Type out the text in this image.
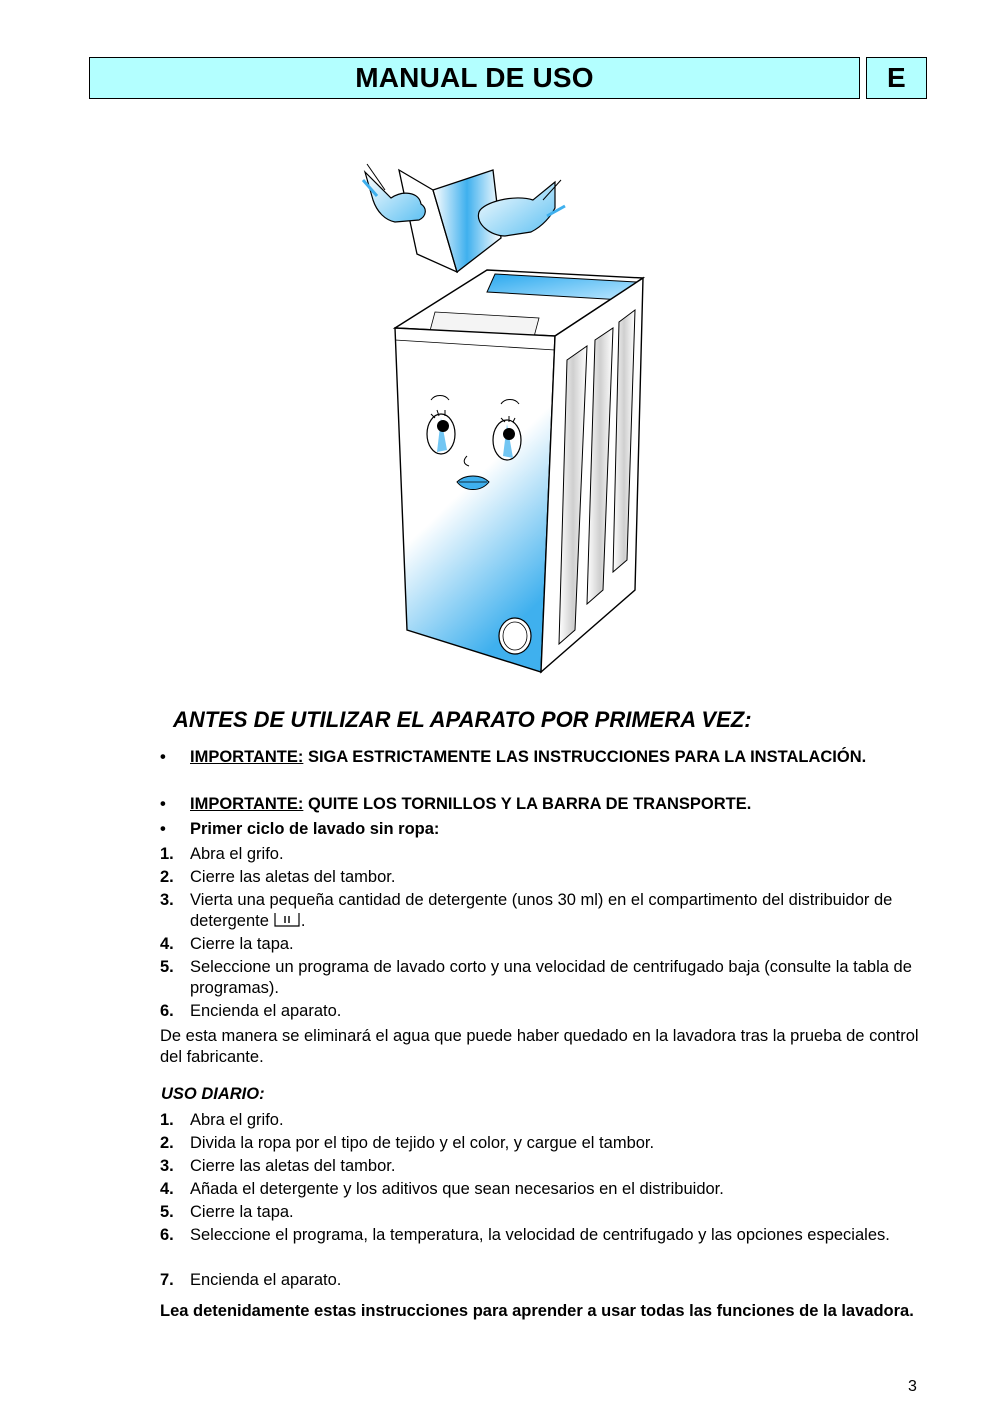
MANUAL DE USO	E
ANTES DE UTILIZAR EL APARATO POR PRIMERA VEZ:
• IMPORTANTE: SIGA ESTRICTAMENTE LAS INSTRUCCIONES PARA LA INSTALACIÓN.
• IMPORTANTE: QUITE LOS TORNILLOS Y LA BARRA DE TRANSPORTE.
• Primer ciclo de lavado sin ropa:
1. Abra el grifo.
2. Cierre las aletas del tambor.
3. Vierta una pequeña cantidad de detergente (unos 30 ml) en el compartimento del distribuidor de detergente .
4. Cierre la tapa.
5. Seleccione un programa de lavado corto y una velocidad de centrifugado baja (consulte la tabla de programas).
6. Encienda el aparato.
De esta manera se eliminará el agua que puede haber quedado en la lavadora tras la prueba de control del fabricante.
USO DIARIO:
1. Abra el grifo.
2. Divida la ropa por el tipo de tejido y el color, y cargue el tambor.
3. Cierre las aletas del tambor.
4. Añada el detergente y los aditivos que sean necesarios en el distribuidor.
5. Cierre la tapa.
6. Seleccione el programa, la temperatura, la velocidad de centrifugado y las opciones especiales.
7. Encienda el aparato.
Lea detenidamente estas instrucciones para aprender a usar todas las funciones de la lavadora.
3
